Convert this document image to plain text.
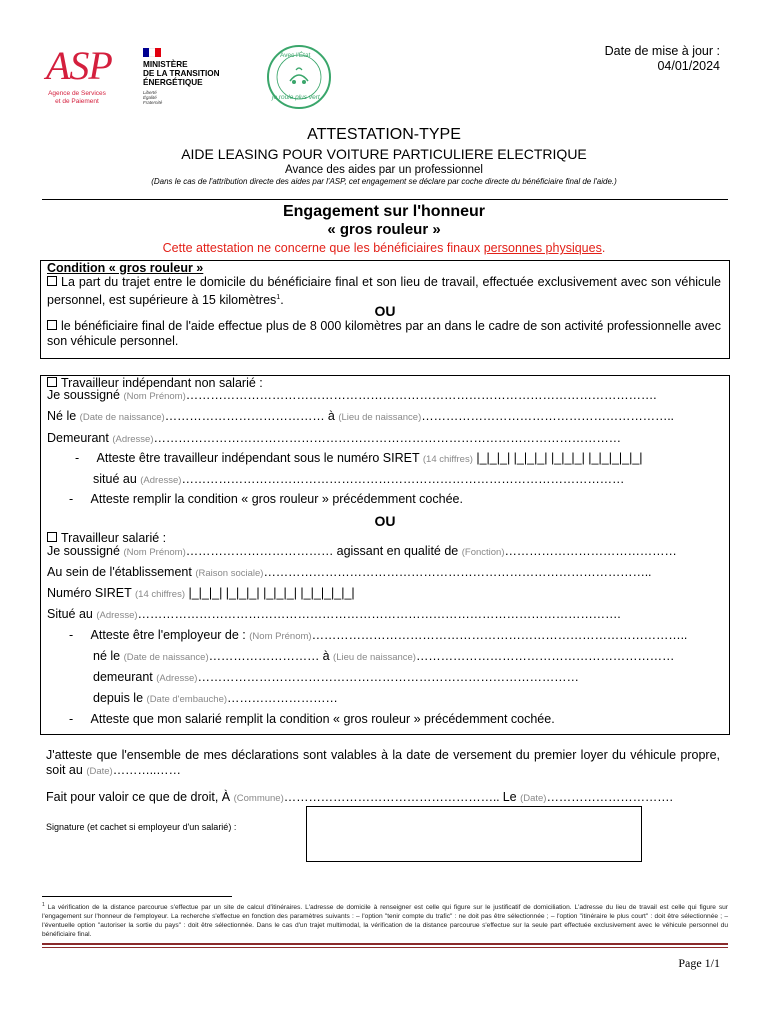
ASP
Agence de Services et de Paiement
MINISTÈRE
DE LA TRANSITION
ÉNERGÉTIQUE
Liberté
Égalité
Fraternité
Avec l'État
je roule plus vert
Date de mise à jour :
04/01/2024
ATTESTATION-TYPE
AIDE LEASING POUR VOITURE PARTICULIERE ELECTRIQUE
Avance des aides par un professionnel
(Dans le cas de l'attribution directe des aides par l'ASP, cet engagement se déclare par coche directe du bénéficiaire final de l'aide.)
Engagement sur l'honneur
« gros rouleur »
Cette attestation ne concerne que les bénéficiaires finaux personnes physiques.
Condition « gros rouleur »
La part du trajet entre le domicile du bénéficiaire final et son lieu de travail, effectuée exclusivement avec son véhicule personnel, est supérieure à 15 kilomètres$^1$.
OU
le bénéficiaire final de l'aide effectue plus de 8 000 kilomètres par an dans le cadre de son activité professionnelle avec son véhicule personnel.
Travailleur indépendant non salarié :
Je soussigné (Nom Prénom)…………………………………………………………………………………………………….
Né le (Date de naissance)………………………………… à (Lieu de naissance)……………………………………………………..
Demeurant (Adresse)……………………………………………………………………………………………………
-     Atteste être travailleur indépendant sous le numéro SIRET (14 chiffres) |_|_|_| |_|_|_| |_|_|_| |_|_|_|_|_|
situé au (Adresse)………………………………………………………………………………………………
-     Atteste remplir la condition « gros rouleur » précédemment cochée.
OU
Travailleur salarié :
Je soussigné (Nom Prénom)……………………………… agissant en qualité de (Fonction)……………………………………
Au sein de l'établissement (Raison sociale)…………………………………………………………………………………..
Numéro SIRET (14 chiffres) |_|_|_| |_|_|_| |_|_|_| |_|_|_|_|_|
Situé au (Adresse)……………………………………………………………………………………………………….
-     Atteste être l'employeur de : (Nom Prénom)………………………………………………………………………………..
né le (Date de naissance)……………………… à (Lieu de naissance)………………………………………………………
demeurant (Adresse)…………………………………………………………………………………
depuis le (Date d'embauche)………………………
-     Atteste que mon salarié remplit la condition « gros rouleur » précédemment cochée.
J'atteste que l'ensemble de mes déclarations sont valables à la date de versement du premier loyer du véhicule propre, soit au (Date)………..……
Fait pour valoir ce que de droit, À (Commune)…………………………………………….. Le (Date)………………………….
Signature (et cachet si employeur d'un salarié) :
$^1$ La vérification de la distance parcourue s'effectue par un site de calcul d'itinéraires. L'adresse de domicile à renseigner est celle qui figure sur le justificatif de domiciliation. L'adresse du lieu de travail est celle qui figure sur l'engagement sur l'honneur de l'employeur. La recherche s'effectue en fonction des paramètres suivants : – l'option "tenir compte du trafic" : ne doit pas être sélectionnée ; – l'option "itinéraire le plus court" : doit être sélectionnée ; – l'éventuelle option "autoriser la sortie du pays" : doit être sélectionnée. Dans le cas d'un trajet multimodal, la vérification de la distance parcourue s'effectue sur la seule part effectuée exclusivement avec le véhicule personnel du bénéficiaire final.
Page 1/1
